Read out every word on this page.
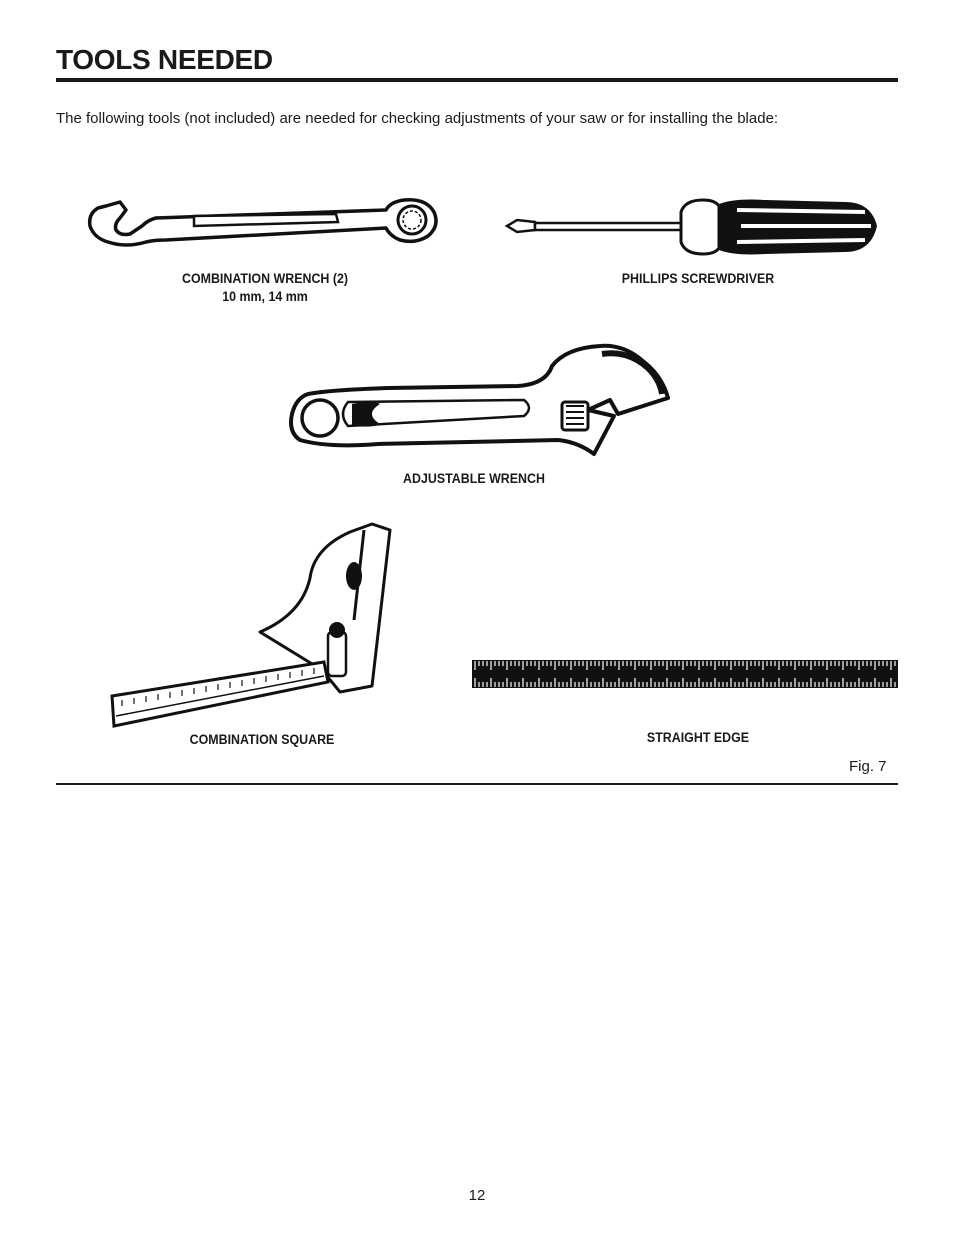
TOOLS NEEDED
The following tools (not included) are needed for checking adjustments of your saw or for installing the blade:
COMBINATION WRENCH (2)
10 mm, 14 mm
PHILLIPS SCREWDRIVER
ADJUSTABLE WRENCH
COMBINATION SQUARE	STRAIGHT EDGE
Fig. 7
12
